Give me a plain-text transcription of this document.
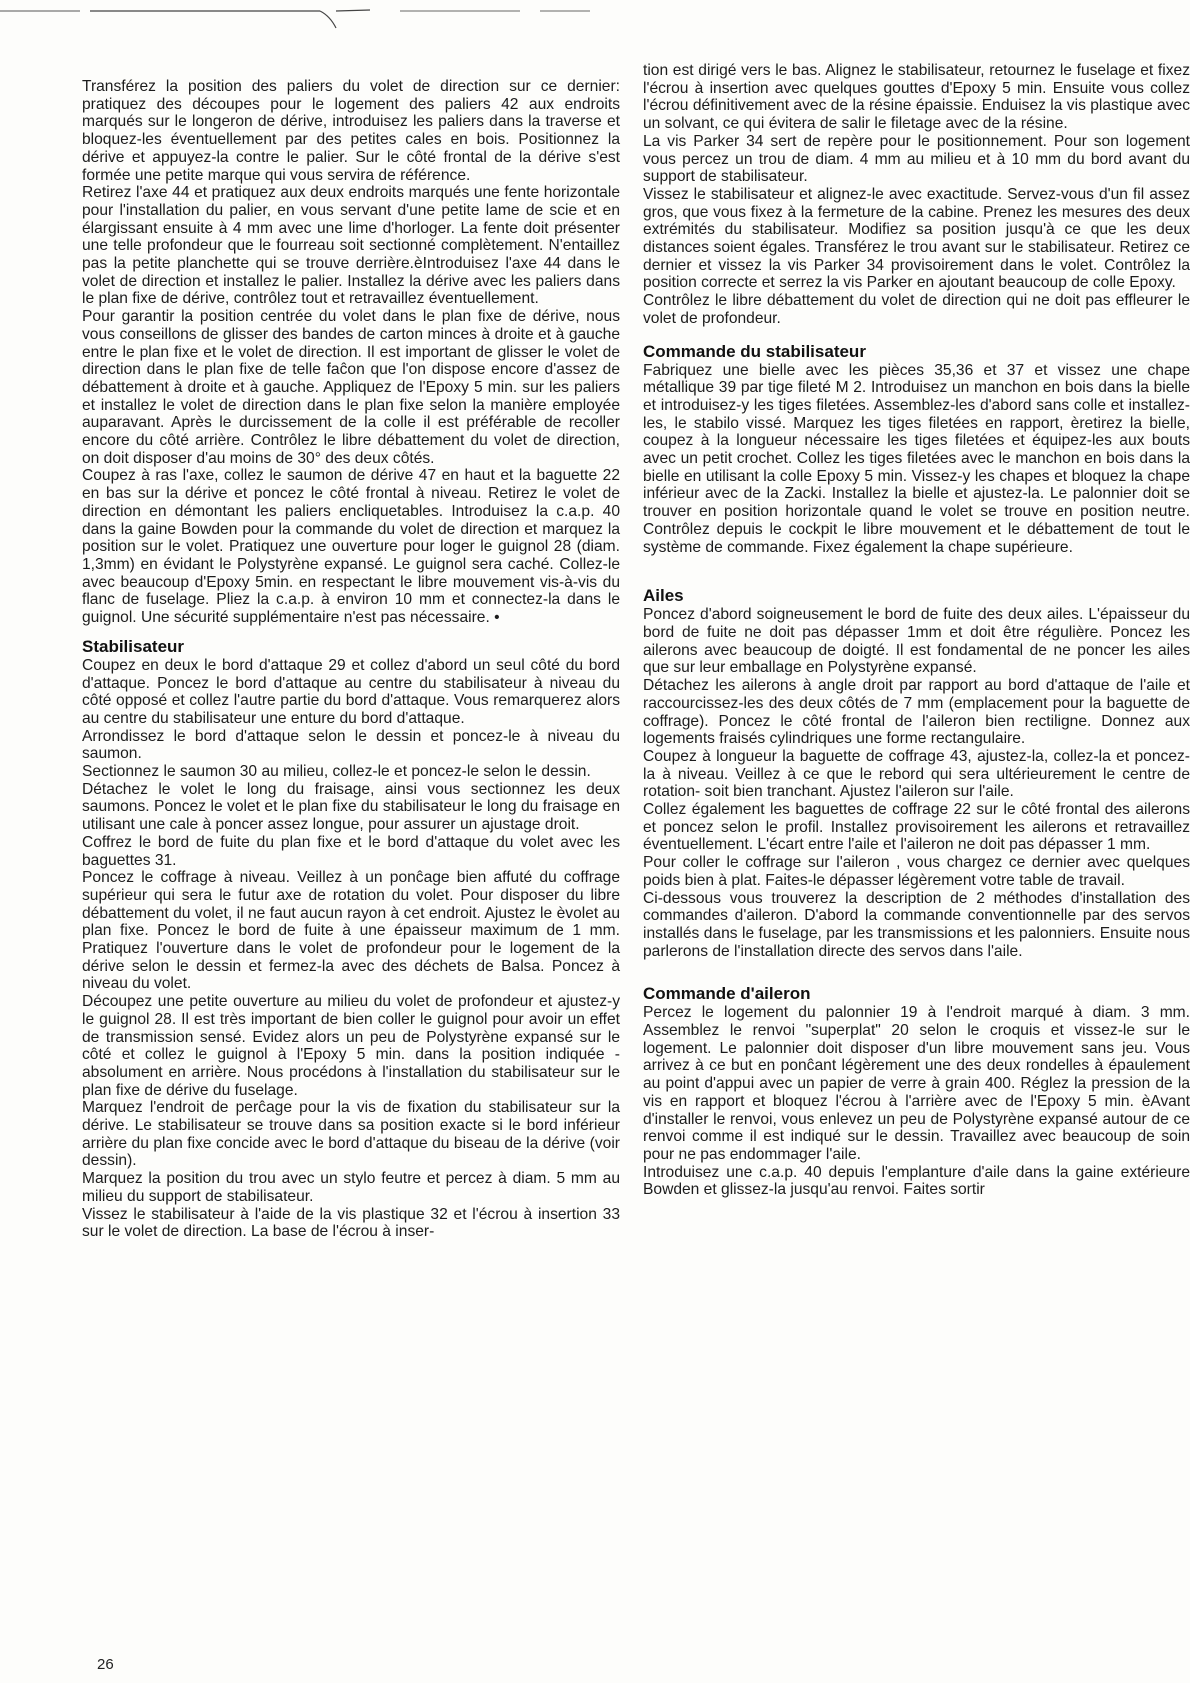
Transférez la position des paliers du volet de direction sur ce dernier: pratiquez des découpes pour le logement des paliers 42 aux endroits marqués sur le longeron de dérive, introduisez les paliers dans la traverse et bloquez-les éventuellement par des petites cales en bois. Positionnez la dérive et appuyez-la contre le palier. Sur le côté frontal de la dérive s'est formée une petite marque qui vous servira de référence.

Retirez l'axe 44 et pratiquez aux deux endroits marqués une fente horizontale pour l'installation du palier, en vous servant d'une petite lame de scie et en élargissant ensuite à 4 mm avec une lime d'horloger. La fente doit présenter une telle profondeur que le fourreau soit sectionné complètement. N'entaillez pas la petite planchette qui se trouve derrière.èIntroduisez l'axe 44 dans le volet de direction et installez le palier. Installez la dérive avec les paliers dans le plan fixe de dérive, contrôlez tout et retravaillez éventuellement.

Pour garantir la position centrée du volet dans le plan fixe de dérive, nous vous conseillons de glisser des bandes de carton minces à droite et à gauche entre le plan fixe et le volet de direction. Il est important de glisser le volet de direction dans le plan fixe de telle faĉon que l'on dispose encore d'assez de débattement à droite et à gauche. Appliquez de l'Epoxy 5 min. sur les paliers et installez le volet de direction dans le plan fixe selon la manière employée auparavant. Après le durcissement de la colle il est préférable de recoller encore du côté arrière. Contrôlez le libre débattement du volet de direction, on doit disposer d'au moins de 30° des deux côtés.

Coupez à ras l'axe, collez le saumon de dérive 47 en haut et la baguette 22 en bas sur la dérive et poncez le côté frontal à niveau. Retirez le volet de direction en démontant les paliers encliquetables. Introduisez la c.a.p. 40 dans la gaine Bowden pour la commande du volet de direction et marquez la position sur le volet. Pratiquez une ouverture pour loger le guignol 28 (diam. 1,3mm) en évidant le Polystyrène expansé. Le guignol sera caché. Collez-le avec beaucoup d'Epoxy 5min. en respectant le libre mouvement vis-à-vis du flanc de fuselage. Pliez la c.a.p. à environ 10 mm et connectez-la dans le guignol. Une sécurité supplémentaire n'est pas nécessaire. •

Stabilisateur

Coupez en deux le bord d'attaque 29 et collez d'abord un seul côté du bord d'attaque. Poncez le bord d'attaque au centre du stabilisateur à niveau du côté opposé et collez l'autre partie du bord d'attaque. Vous remarquerez alors au centre du stabilisateur une enture du bord d'attaque.

Arrondissez le bord d'attaque selon le dessin et poncez-le à niveau du saumon.

Sectionnez le saumon 30 au milieu, collez-le et poncez-le selon le dessin.

Détachez le volet le long du fraisage, ainsi vous sectionnez les deux saumons. Poncez le volet et le plan fixe du stabilisateur le long du fraisage en utilisant une cale à poncer assez longue, pour assurer un ajustage droit.

Coffrez le bord de fuite du plan fixe et le bord d'attaque du volet avec les baguettes 31.

Poncez le coffrage à niveau. Veillez à un ponĉage bien affuté du coffrage supérieur qui sera le futur axe de rotation du volet. Pour disposer du libre débattement du volet, il ne faut aucun rayon à cet endroit. Ajustez le èvolet au plan fixe. Poncez le bord de fuite à une épaisseur maximum de 1 mm. Pratiquez l'ouverture dans le volet de profondeur pour le logement de la dérive selon le dessin et fermez-la avec des déchets de Balsa. Poncez à niveau du volet.

Découpez une petite ouverture au milieu du volet de profondeur et ajustez-y le guignol 28. Il est très important de bien coller le guignol pour avoir un effet de transmission sensé. Evidez alors un peu de Polystyrène expansé sur le côté et collez le guignol à l'Epoxy 5 min. dans la position indiquée - absolument en arrière. Nous procédons à l'installation du stabilisateur sur le plan fixe de dérive du fuselage.

Marquez l'endroit de perĉage pour la vis de fixation du stabilisateur sur la dérive. Le stabilisateur se trouve dans sa position exacte si le bord inférieur arrière du plan fixe concide avec le bord d'attaque du biseau de la dérive (voir dessin).

Marquez la position du trou avec un stylo feutre et percez à diam. 5 mm au milieu du support de stabilisateur.

Vissez le stabilisateur à l'aide de la vis plastique 32 et l'écrou à insertion 33 sur le volet de direction. La base de l'écrou à inser-

tion est dirigé vers le bas. Alignez le stabilisateur, retournez le fuselage et fixez l'écrou à insertion avec quelques gouttes d'Epoxy 5 min. Ensuite vous collez l'écrou définitivement avec de la résine épaissie. Enduisez la vis plastique avec un solvant, ce qui évitera de salir le filetage avec de la résine.

La vis Parker 34 sert de repère pour le positionnement. Pour son logement vous percez un trou de diam. 4 mm au milieu et à 10 mm du bord avant du support de stabilisateur.

Vissez le stabilisateur et alignez-le avec exactitude. Servez-vous d'un fil assez gros, que vous fixez à la fermeture de la cabine. Prenez les mesures des deux extrémités du stabilisateur. Modifiez sa position jusqu'à ce que les deux distances soient égales. Transférez le trou avant sur le stabilisateur. Retirez ce dernier et vissez la vis Parker 34 provisoirement dans le volet. Contrôlez la position correcte et serrez la vis Parker en ajoutant beaucoup de colle Epoxy.

Contrôlez le libre débattement du volet de direction qui ne doit pas effleurer le volet de profondeur.

Commande du stabilisateur

Fabriquez une bielle avec les pièces 35,36 et 37 et vissez une chape métallique 39 par tige fileté M 2. Introduisez un manchon en bois dans la bielle et introduisez-y les tiges filetées. Assemblez-les d'abord sans colle et installez-les, le stabilo vissé. Marquez les tiges filetées en rapport, èretirez la bielle, coupez à la longueur nécessaire les tiges filetées et équipez-les aux bouts avec un petit crochet. Collez les tiges filetées avec le manchon en bois dans la bielle en utilisant la colle Epoxy 5 min. Vissez-y les chapes et bloquez la chape inférieur avec de la Zacki. Installez la bielle et ajustez-la. Le palonnier doit se trouver en position horizontale quand le volet se trouve en position neutre. Contrôlez depuis le cockpit le libre mouvement et le débattement de tout le système de commande. Fixez également la chape supérieure.

Ailes

Poncez d'abord soigneusement le bord de fuite des deux ailes. L'épaisseur du bord de fuite ne doit pas dépasser 1mm et doit être régulière. Poncez les ailerons avec beaucoup de doigté. Il est fondamental de ne poncer les ailes que sur leur emballage en Polystyrène expansé.

Détachez les ailerons à angle droit par rapport au bord d'attaque de l'aile et raccourcissez-les des deux côtés de 7 mm (emplacement pour la baguette de coffrage). Poncez le côté frontal de l'aileron bien rectiligne. Donnez aux logements fraisés cylindriques une forme rectangulaire.

Coupez à longueur la baguette de coffrage 43, ajustez-la, collez-la et poncez-la à niveau. Veillez à ce que le rebord qui sera ultérieurement le centre de rotation- soit bien tranchant. Ajustez l'aileron sur l'aile.

Collez également les baguettes de coffrage 22 sur le côté frontal des ailerons et poncez selon le profil. Installez provisoirement les ailerons et retravaillez éventuellement. L'écart entre l'aile et l'aileron ne doit pas dépasser 1 mm.

Pour coller le coffrage sur l'aileron , vous chargez ce dernier avec quelques poids bien à plat. Faites-le dépasser légèrement votre table de travail.

Ci-dessous vous trouverez la description de 2 méthodes d'installation des commandes d'aileron. D'abord la commande conventionnelle par des servos installés dans le fuselage, par les transmissions et les palonniers. Ensuite nous parlerons de l'installation directe des servos dans l'aile.

Commande d'aileron

Percez le logement du palonnier 19 à l'endroit marqué à diam. 3 mm. Assemblez le renvoi "superplat" 20 selon le croquis et vissez-le sur le logement. Le palonnier doit disposer d'un libre mouvement sans jeu. Vous arrivez à ce but en ponĉant légèrement une des deux rondelles à épaulement au point d'appui avec un papier de verre à grain 400. Réglez la pression de la vis en rapport et bloquez l'écrou à l'arrière avec de l'Epoxy 5 min. èAvant d'installer le renvoi, vous enlevez un peu de Polystyrène expansé autour de ce renvoi comme il est indiqué sur le dessin. Travaillez avec beaucoup de soin pour ne pas endommager l'aile.

Introduisez une c.a.p. 40 depuis l'emplanture d'aile dans la gaine extérieure Bowden et glissez-la jusqu'au renvoi. Faites sortir

26
